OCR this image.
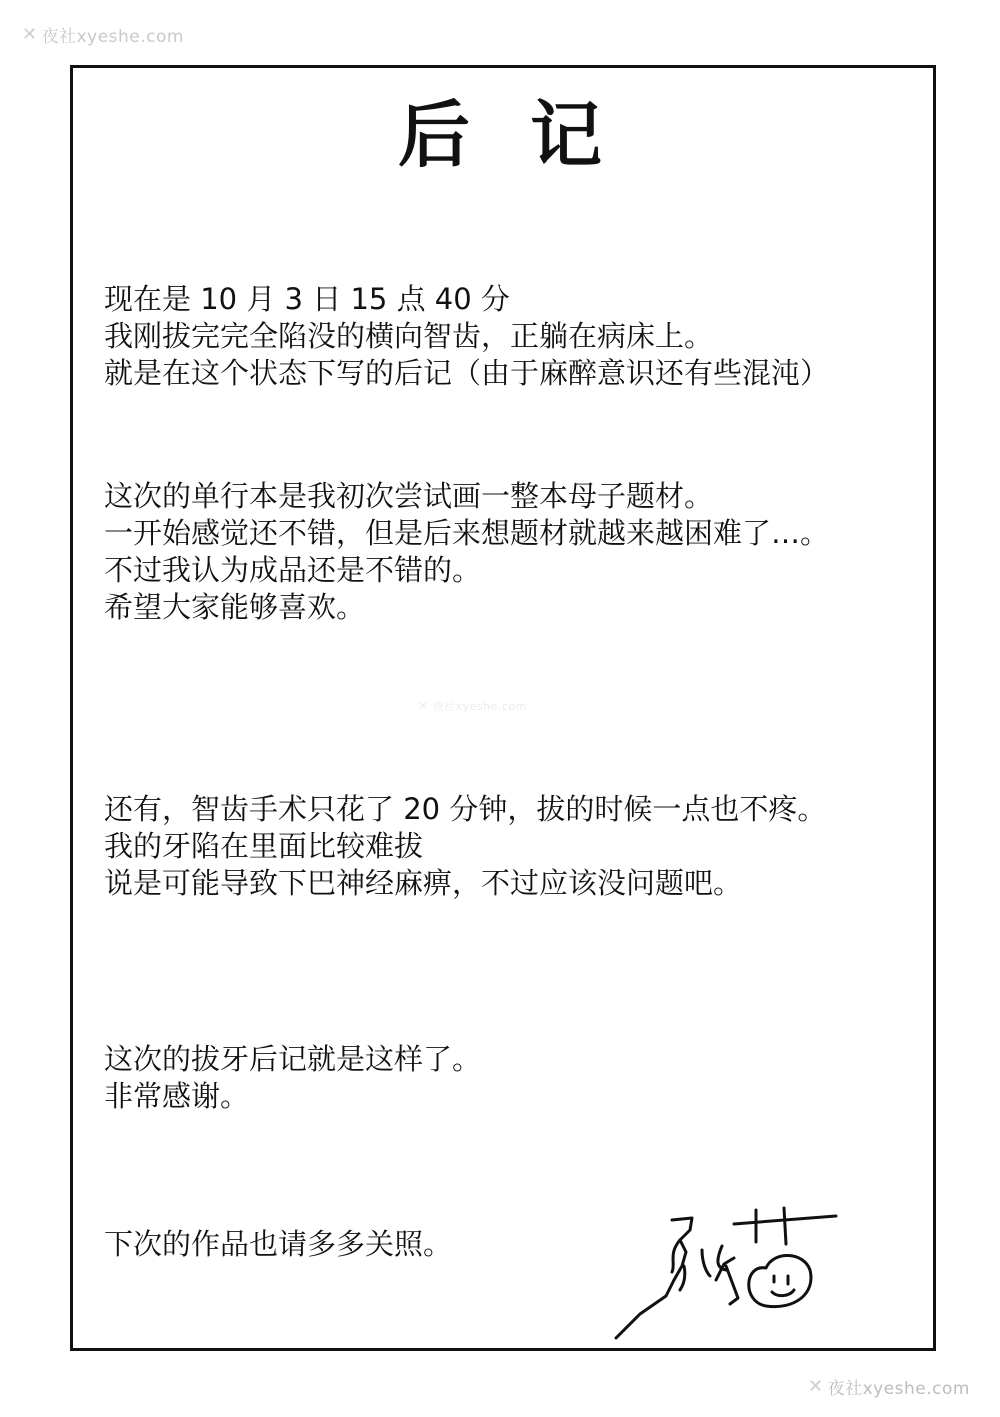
✕ 夜社xyeshe.com
✕ 夜社xyeshe.com
后记
现在是 10 月 3 日 15 点 40 分
我刚拔完完全陷没的横向智齿，正躺在病床上。
就是在这个状态下写的后记（由于麻醉意识还有些混沌）
这次的单行本是我初次尝试画一整本母子题材。
一开始感觉还不错，但是后来想题材就越来越困难了…。
不过我认为成品还是不错的。
希望大家能够喜欢。
还有，智齿手术只花了 20 分钟，拔的时候一点也不疼。
我的牙陷在里面比较难拔
说是可能导致下巴神经麻痹，不过应该没问题吧。
这次的拔牙后记就是这样了。
非常感谢。
下次的作品也请多多关照。
✕ 夜社xyeshe.com
